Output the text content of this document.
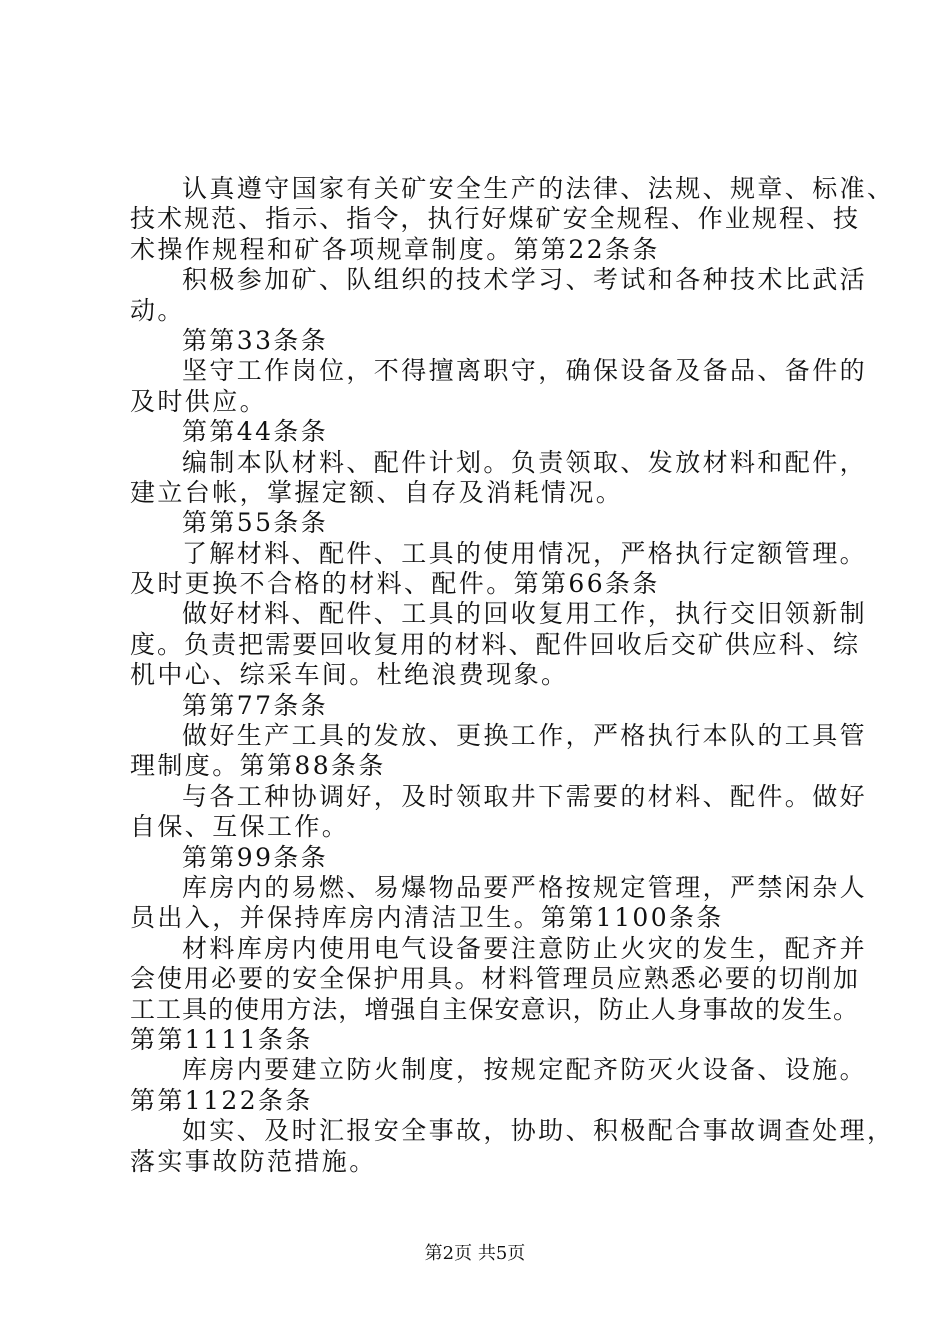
认真遵守国家有关矿安全生产的法律、法规、规章、标准、
技术规范、指示、指令，执行好煤矿安全规程、作业规程、技
术操作规程和矿各项规章制度。第第22条条
积极参加矿、队组织的技术学习、考试和各种技术比武活
动。
第第33条条
坚守工作岗位，不得擅离职守，确保设备及备品、备件的
及时供应。
第第44条条
编制本队材料、配件计划。负责领取、发放材料和配件，
建立台帐，掌握定额、自存及消耗情况。
第第55条条
了解材料、配件、工具的使用情况，严格执行定额管理。
及时更换不合格的材料、配件。第第66条条
做好材料、配件、工具的回收复用工作，执行交旧领新制
度。负责把需要回收复用的材料、配件回收后交矿供应科、综
机中心、综采车间。杜绝浪费现象。
第第77条条
做好生产工具的发放、更换工作，严格执行本队的工具管
理制度。第第88条条
与各工种协调好，及时领取井下需要的材料、配件。做好
自保、互保工作。
第第99条条
库房内的易燃、易爆物品要严格按规定管理，严禁闲杂人
员出入，并保持库房内清洁卫生。第第1100条条
材料库房内使用电气设备要注意防止火灾的发生，配齐并
会使用必要的安全保护用具。材料管理员应熟悉必要的切削加
工工具的使用方法，增强自主保安意识，防止人身事故的发生。
第第1111条条
库房内要建立防火制度，按规定配齐防灭火设备、设施。
第第1122条条
如实、及时汇报安全事故，协助、积极配合事故调查处理，
落实事故防范措施。
第2页 共5页
